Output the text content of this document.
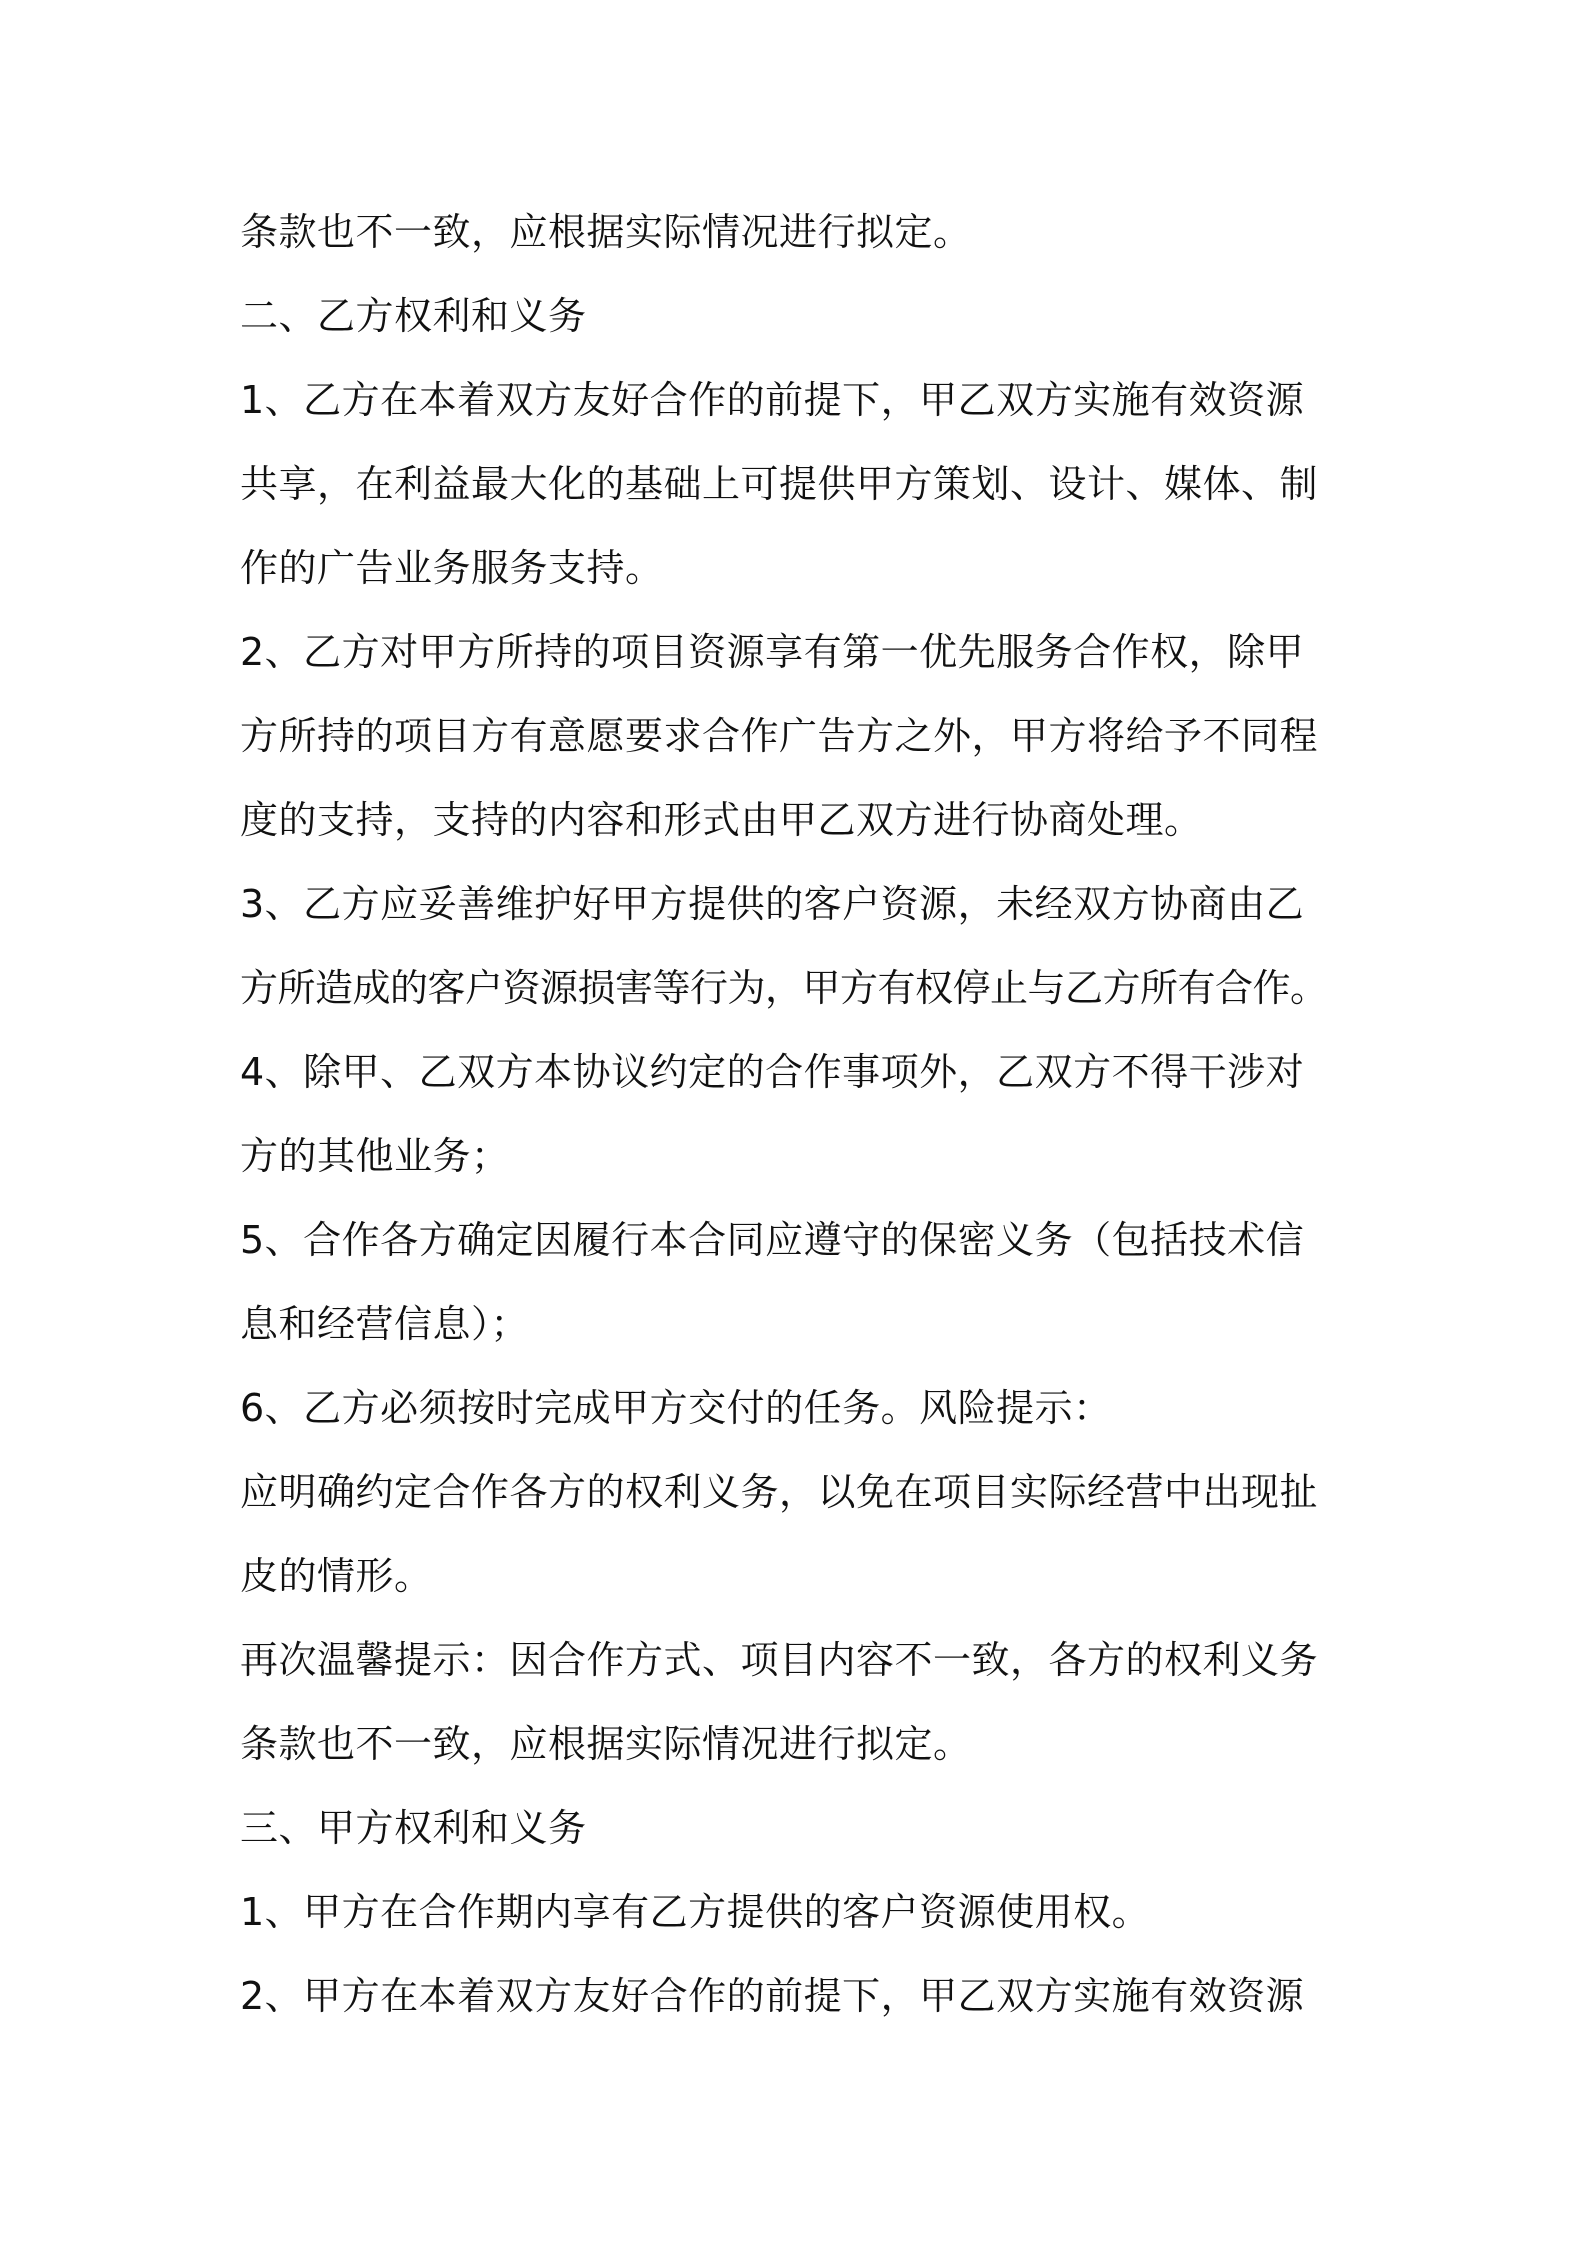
条款也不一致，应根据实际情况进行拟定。
二、乙方权利和义务
1、乙方在本着双方友好合作的前提下，甲乙双方实施有效资源
共享，在利益最大化的基础上可提供甲方策划、设计、媒体、制
作的广告业务服务支持。
2、乙方对甲方所持的项目资源享有第一优先服务合作权，除甲
方所持的项目方有意愿要求合作广告方之外，甲方将给予不同程
度的支持，支持的内容和形式由甲乙双方进行协商处理。
3、乙方应妥善维护好甲方提供的客户资源，未经双方协商由乙
方所造成的客户资源损害等行为，甲方有权停止与乙方所有合作。
4、除甲、乙双方本协议约定的合作事项外，乙双方不得干涉对
方的其他业务；
5、合作各方确定因履行本合同应遵守的保密义务（包括技术信
息和经营信息）；
6、乙方必须按时完成甲方交付的任务。风险提示：
应明确约定合作各方的权利义务，以免在项目实际经营中出现扯
皮的情形。
再次温馨提示：因合作方式、项目内容不一致，各方的权利义务
条款也不一致，应根据实际情况进行拟定。
三、甲方权利和义务
1、甲方在合作期内享有乙方提供的客户资源使用权。
2、甲方在本着双方友好合作的前提下，甲乙双方实施有效资源
